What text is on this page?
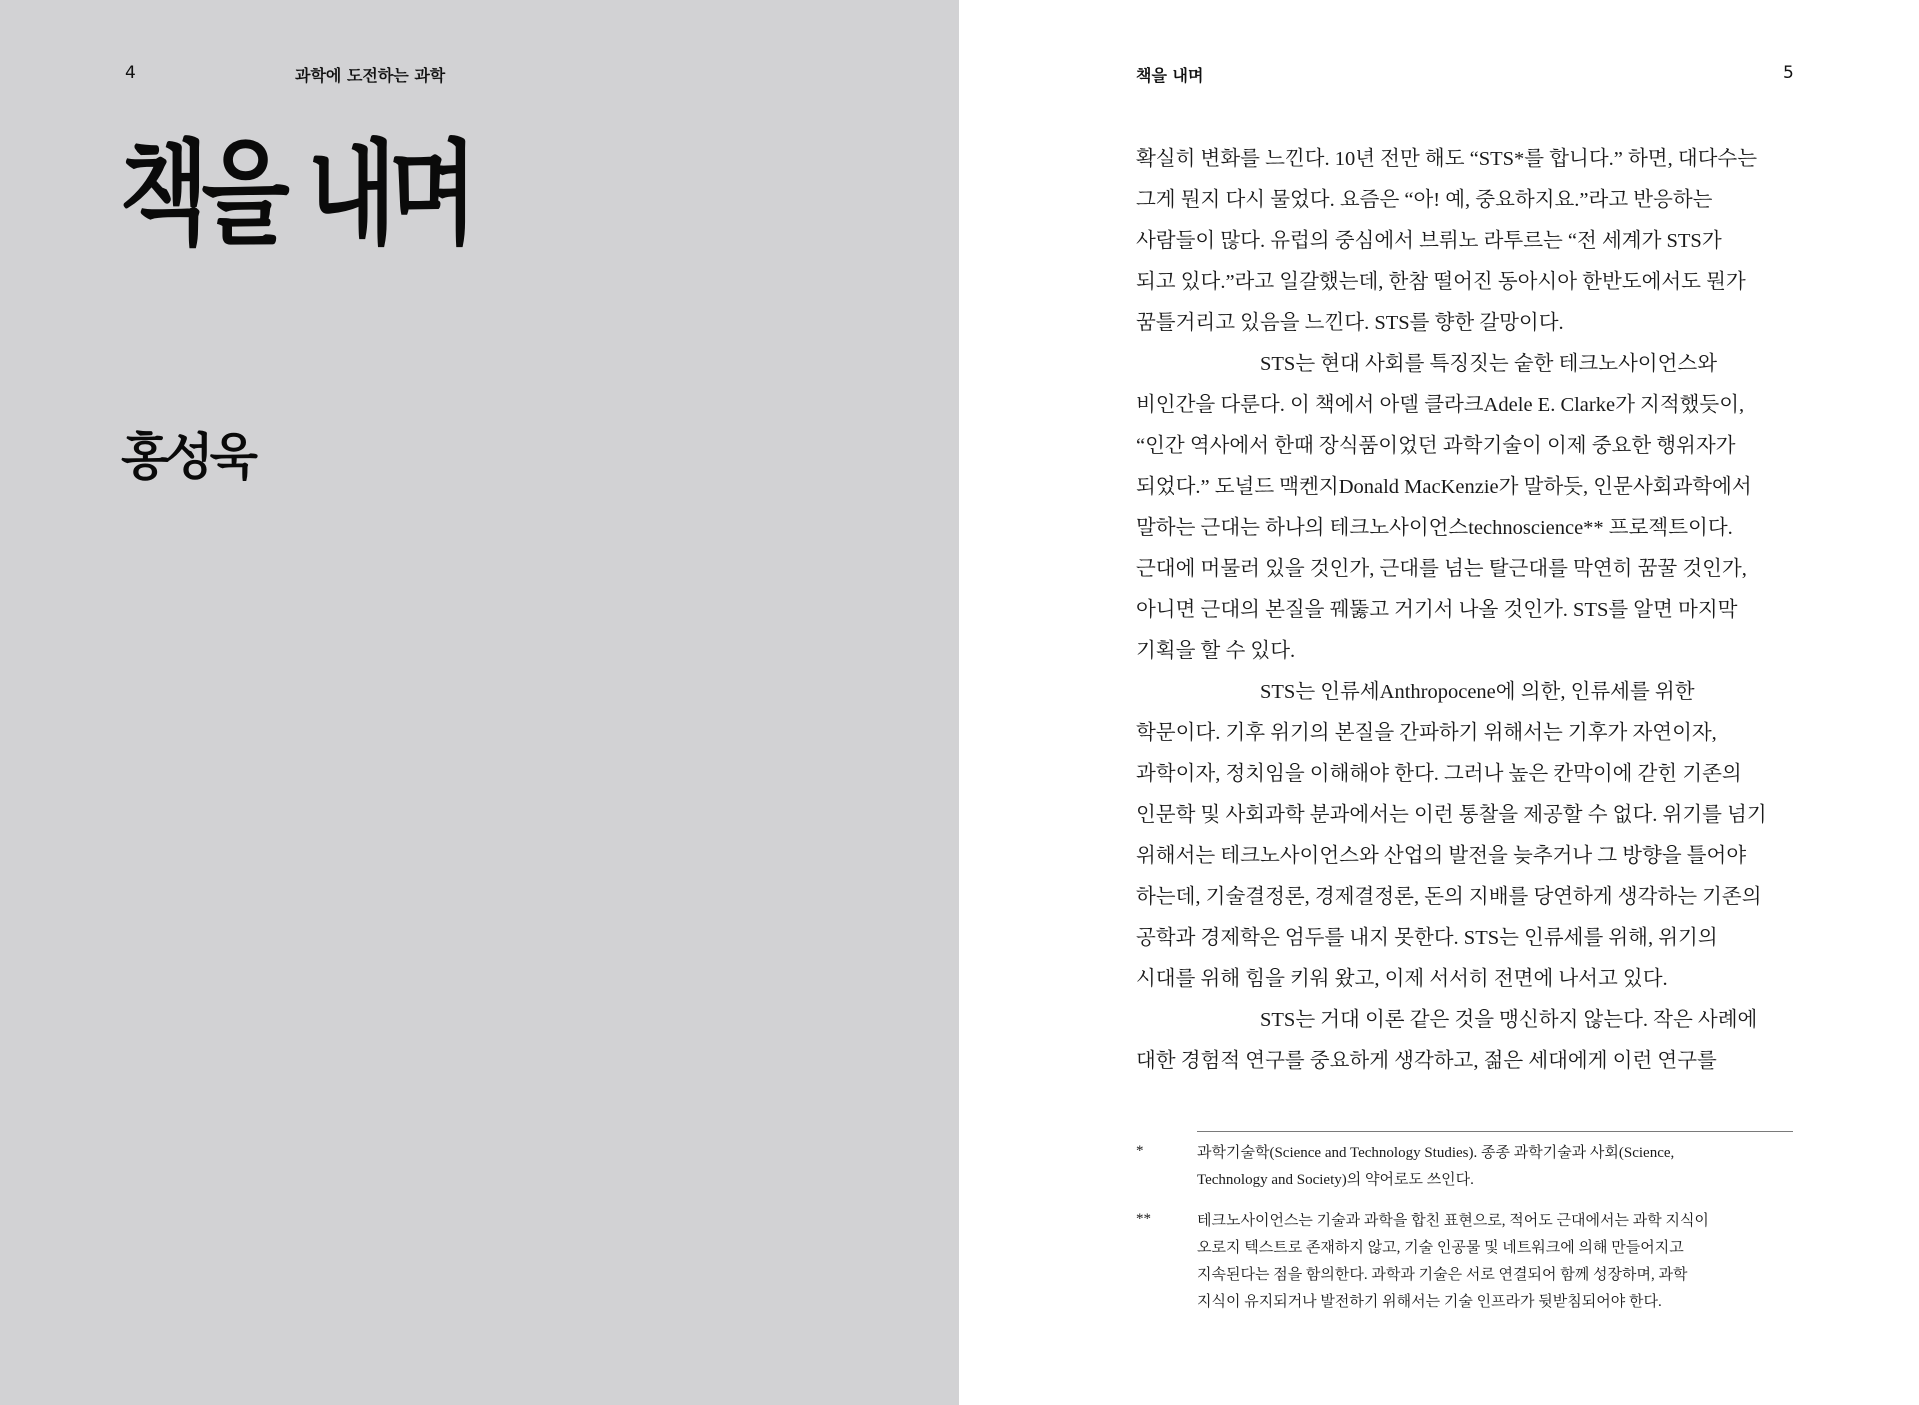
4	과학에 도전하는 과학
책을 내며
홍성욱
책을 내며	5
확실히 변화를 느낀다. 10년 전만 해도 “STS*를 합니다.” 하면, 대다수는
그게 뭔지 다시 물었다. 요즘은 “아! 예, 중요하지요.”라고 반응하는
사람들이 많다. 유럽의 중심에서 브뤼노 라투르는 “전 세계가 STS가
되고 있다.”라고 일갈했는데, 한참 떨어진 동아시아 한반도에서도 뭔가
꿈틀거리고 있음을 느낀다. STS를 향한 갈망이다.
STS는 현대 사회를 특징짓는 숱한 테크노사이언스와
비인간을 다룬다. 이 책에서 아델 클라크Adele E. Clarke가 지적했듯이,
“인간 역사에서 한때 장식품이었던 과학기술이 이제 중요한 행위자가
되었다.” 도널드 맥켄지Donald MacKenzie가 말하듯, 인문사회과학에서
말하는 근대는 하나의 테크노사이언스technoscience** 프로젝트이다.
근대에 머물러 있을 것인가, 근대를 넘는 탈근대를 막연히 꿈꿀 것인가,
아니면 근대의 본질을 꿰뚫고 거기서 나올 것인가. STS를 알면 마지막
기획을 할 수 있다.
STS는 인류세Anthropocene에 의한, 인류세를 위한
학문이다. 기후 위기의 본질을 간파하기 위해서는 기후가 자연이자,
과학이자, 정치임을 이해해야 한다. 그러나 높은 칸막이에 갇힌 기존의
인문학 및 사회과학 분과에서는 이런 통찰을 제공할 수 없다. 위기를 넘기
위해서는 테크노사이언스와 산업의 발전을 늦추거나 그 방향을 틀어야
하는데, 기술결정론, 경제결정론, 돈의 지배를 당연하게 생각하는 기존의
공학과 경제학은 엄두를 내지 못한다. STS는 인류세를 위해, 위기의
시대를 위해 힘을 키워 왔고, 이제 서서히 전면에 나서고 있다.
STS는 거대 이론 같은 것을 맹신하지 않는다. 작은 사례에
대한 경험적 연구를 중요하게 생각하고, 젊은 세대에게 이런 연구를
*	과학기술학(Science and Technology Studies). 종종 과학기술과 사회(Science,
Technology and Society)의 약어로도 쓰인다.
**	테크노사이언스는 기술과 과학을 합친 표현으로, 적어도 근대에서는 과학 지식이
오로지 텍스트로 존재하지 않고, 기술 인공물 및 네트워크에 의해 만들어지고
지속된다는 점을 함의한다. 과학과 기술은 서로 연결되어 함께 성장하며, 과학
지식이 유지되거나 발전하기 위해서는 기술 인프라가 뒷받침되어야 한다.
